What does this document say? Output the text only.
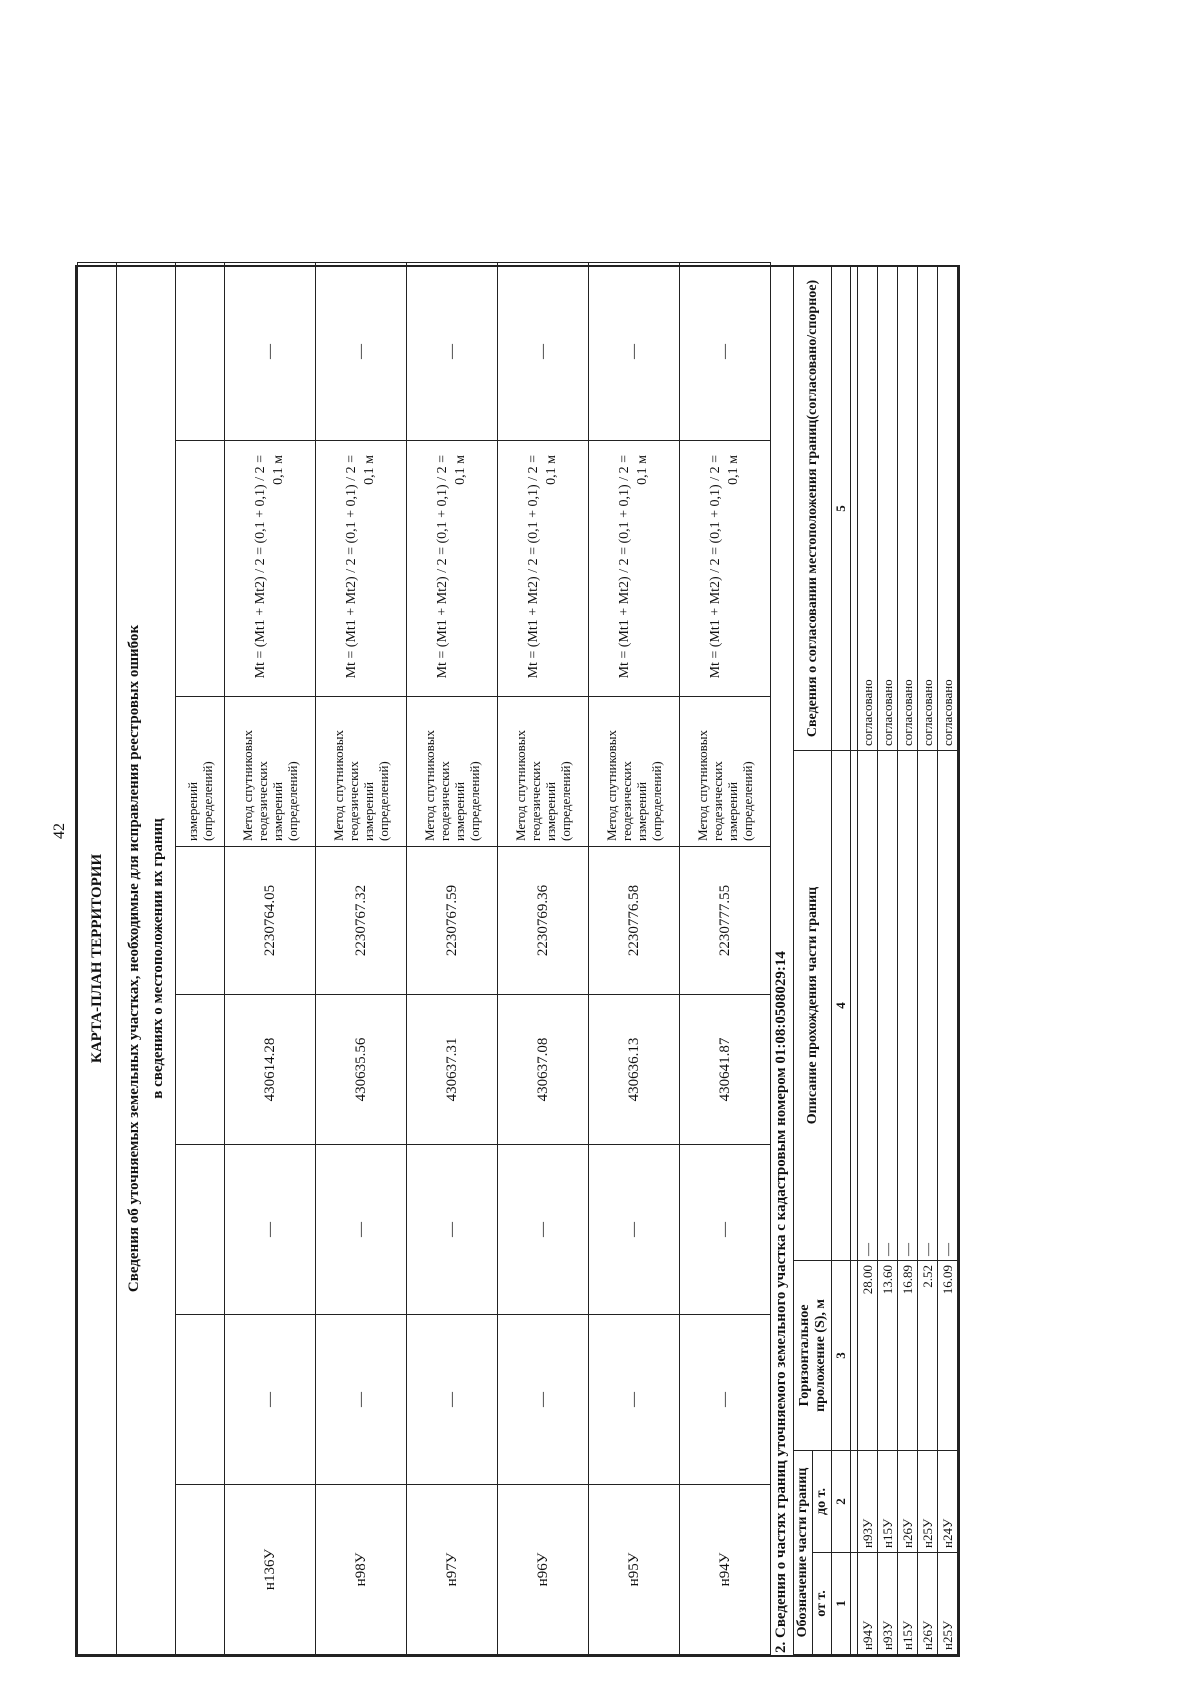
42
КАРТА-ПЛАН ТЕРРИТОРИИ							

Сведения об уточняемых земельных участках, необходимые для исправления реестровых ошибок в сведениях о местоположении их границ							

					измерений (определений)		
н136У	—	—	430614.28	2230764.05	Метод спутниковых геодезических измерений (определений)	Mt = (Mt1 + Mt2) / 2 = (0,1 + 0,1) / 2 = 0,1 м	—
н98У	—	—	430635.56	2230767.32	Метод спутниковых геодезических измерений (определений)	Mt = (Mt1 + Mt2) / 2 = (0,1 + 0,1) / 2 = 0,1 м	—
н97У	—	—	430637.31	2230767.59	Метод спутниковых геодезических измерений (определений)	Mt = (Mt1 + Mt2) / 2 = (0,1 + 0,1) / 2 = 0,1 м	—
н96У	—	—	430637.08	2230769.36	Метод спутниковых геодезических измерений (определений)	Mt = (Mt1 + Mt2) / 2 = (0,1 + 0,1) / 2 = 0,1 м	—
н95У	—	—	430636.13	2230776.58	Метод спутниковых геодезических измерений (определений)	Mt = (Mt1 + Mt2) / 2 = (0,1 + 0,1) / 2 = 0,1 м	—
н94У	—	—	430641.87	2230777.55	Метод спутниковых геодезических измерений (определений)	Mt = (Mt1 + Mt2) / 2 = (0,1 + 0,1) / 2 = 0,1 м	—
2. Сведения о частях границ уточняемого земельного участка с кадастровым номером 01:08:0508029:14 Обозначение части границ		Горизонтальное проложение (S), м	Описание прохождения части границ	Сведения о согласовании местоположения границ(согласовано/спорное)
от т.	до т.			
1	2	3	4	5

н94У	н93У	28.00	—	согласовано
н93У	н15У	13.60	—	согласовано
н15У	н26У	16.89	—	согласовано
н26У	н25У	2.52	—	согласовано
н25У	н24У	16.09	—	согласовано
